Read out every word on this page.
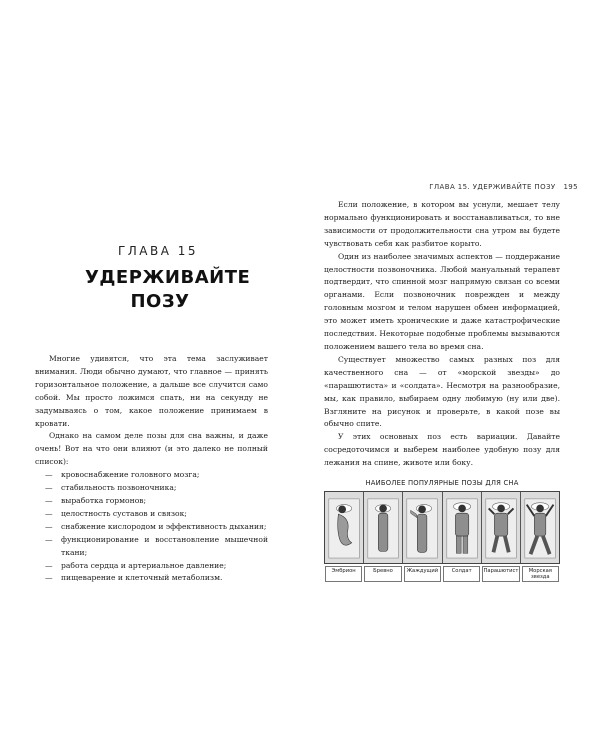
ГЛАВА 15
УДЕРЖИВАЙТЕ ПОЗУ

Многие удивятся, что эта тема заслуживает внимания. Люди обычно думают, что главное — принять горизонтальное положение, а дальше все случится само собой. Мы просто ложимся спать, ни на секунду не задумываясь о том, какое положение принимаем в кровати.

Однако на самом деле позы для сна важны, и даже очень! Вот на что они влияют (и это далеко не полный список):

— кровоснабжение головного мозга;
— стабильность позвоночника;
— выработка гормонов;
— целостность суставов и связок;
— снабжение кислородом и эффективность дыхания;
— функционирование и восстановление мышечной ткани;
— работа сердца и артериальное давление;
— пищеварение и клеточный метаболизм.
ГЛАВА 15. УДЕРЖИВАЙТЕ ПОЗУ 195

Если положение, в котором вы уснули, мешает телу нормально функционировать и восстанавливаться, то вне зависимости от продолжительности сна утром вы будете чувствовать себя как разбитое корыто.

Один из наиболее значимых аспектов — поддержание целостности позвоночника. Любой мануальный терапевт подтвердит, что спинной мозг напрямую связан со всеми органами. Если позвоночник поврежден и между головным мозгом и телом нарушен обмен информацией, это может иметь хронические и даже катастрофические последствия. Некоторые подобные проблемы вызываются положением вашего тела во время сна.

Существует множество самых разных поз для качественного сна — от «морской звезды» до «парашютиста» и «солдата». Несмотря на разнообразие, мы, как правило, выбираем одну любимую (ну или две). Взгляните на рисунок и проверьте, в какой позе вы обычно спите.

У этих основных поз есть вариации. Давайте сосредоточимся и выберем наиболее удобную позу для лежания на спине, животе или боку.

НАИБОЛЕЕ ПОПУЛЯРНЫЕ ПОЗЫ ДЛЯ СНА
Эмбрион	Бревно	Жаждущий	Солдат	Парашютист	Морская звезда
